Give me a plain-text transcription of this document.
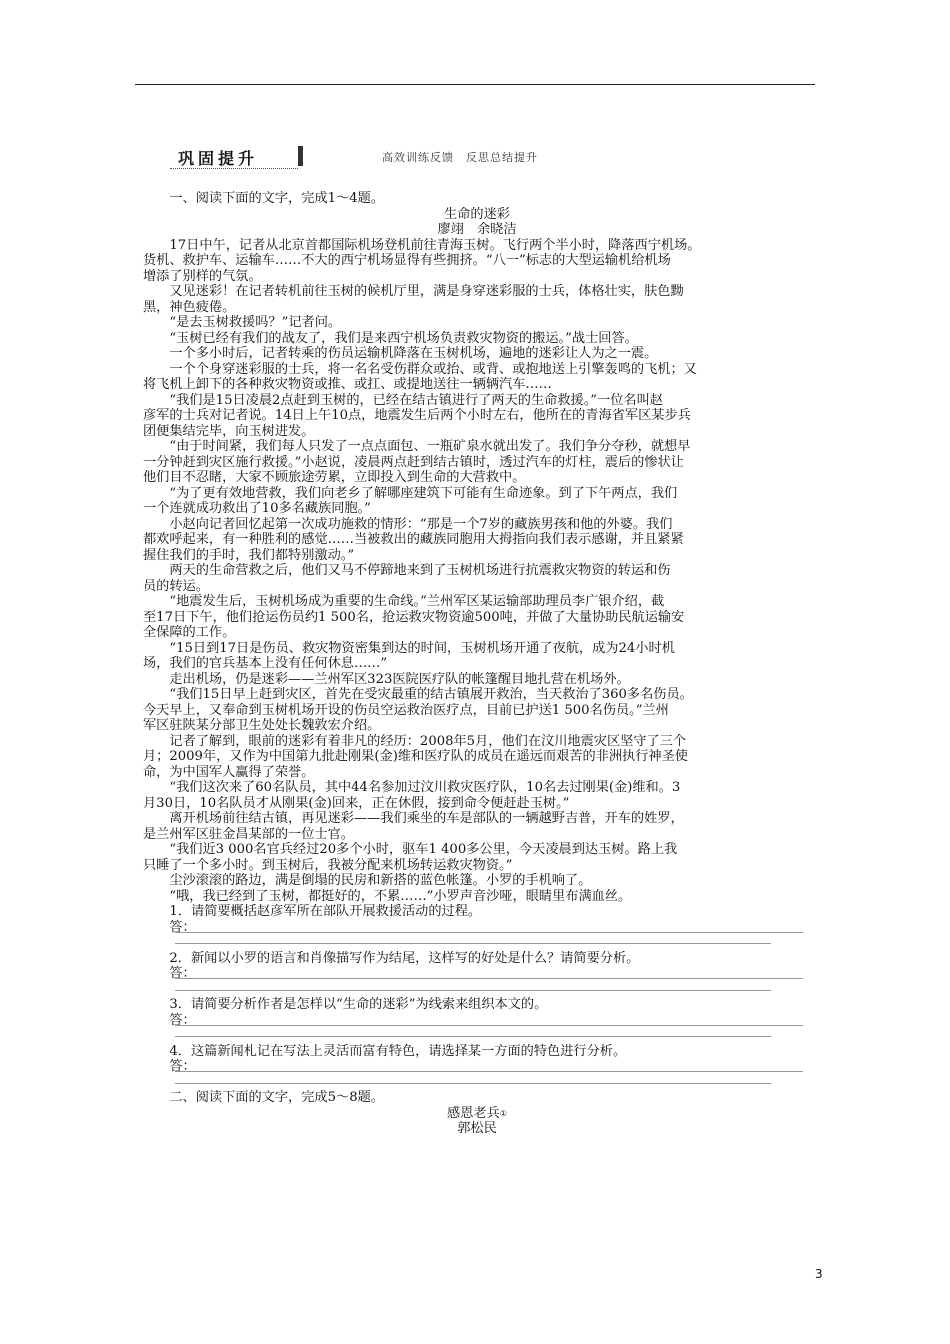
巩固提升	高效训练反馈　反思总结提升
　　一、阅读下面的文字，完成1～4题。
生命的迷彩
廖翊　余晓洁
　　17日中午，记者从北京首都国际机场登机前往青海玉树。飞行两个半小时，降落西宁机场。
货机、救护车、运输车……不大的西宁机场显得有些拥挤。“八一”标志的大型运输机给机场
增添了别样的气氛。
　　又见迷彩！在记者转机前往玉树的候机厅里，满是身穿迷彩服的士兵，体格壮实，肤色黝
黑，神色疲倦。
　　“是去玉树救援吗？”记者问。
　　“玉树已经有我们的战友了，我们是来西宁机场负责救灾物资的搬运。”战士回答。
　　一个多小时后，记者转乘的伤员运输机降落在玉树机场，遍地的迷彩让人为之一震。
　　一个个身穿迷彩服的士兵，将一名名受伤群众或抬、或背、或抱地送上引擎轰鸣的飞机；又
将飞机上卸下的各种救灾物资或推、或扛、或提地送往一辆辆汽车……
　　“我们是15日凌晨2点赶到玉树的，已经在结古镇进行了两天的生命救援。”一位名叫赵
彦军的士兵对记者说。14日上午10点，地震发生后两个小时左右，他所在的青海省军区某步兵
团便集结完毕，向玉树进发。
　　“由于时间紧，我们每人只发了一点点面包、一瓶矿泉水就出发了。我们争分夺秒，就想早
一分钟赶到灾区施行救援。”小赵说，凌晨两点赶到结古镇时，透过汽车的灯柱，震后的惨状让
他们目不忍睹，大家不顾旅途劳累，立即投入到生命的大营救中。
　　“为了更有效地营救，我们向老乡了解哪座建筑下可能有生命迹象。到了下午两点，我们
一个连就成功救出了10多名藏族同胞。”
　　小赵向记者回忆起第一次成功施救的情形：“那是一个7岁的藏族男孩和他的外婆。我们
都欢呼起来，有一种胜利的感觉……当被救出的藏族同胞用大拇指向我们表示感谢，并且紧紧
握住我们的手时，我们都特别激动。”
　　两天的生命营救之后，他们又马不停蹄地来到了玉树机场进行抗震救灾物资的转运和伤
员的转运。
　　“地震发生后，玉树机场成为重要的生命线。”兰州军区某运输部助理员李广银介绍，截
至17日下午，他们抢运伤员约1 500名，抢运救灾物资逾500吨，并做了大量协助民航运输安
全保障的工作。
　　“15日到17日是伤员、救灾物资密集到达的时间，玉树机场开通了夜航，成为24小时机
场，我们的官兵基本上没有任何休息……”
　　走出机场，仍是迷彩——兰州军区323医院医疗队的帐篷醒目地扎营在机场外。
　　“我们15日早上赶到灾区，首先在受灾最重的结古镇展开救治，当天救治了360多名伤员。
今天早上，又奉命到玉树机场开设的伤员空运救治医疗点，目前已护送1 500名伤员。”兰州
军区驻陕某分部卫生处处长魏敦宏介绍。
　　记者了解到，眼前的迷彩有着非凡的经历：2008年5月，他们在汶川地震灾区坚守了三个
月；2009年，又作为中国第九批赴刚果(金)维和医疗队的成员在遥远而艰苦的非洲执行神圣使
命，为中国军人赢得了荣誉。
　　“我们这次来了60名队员，其中44名参加过汶川救灾医疗队，10名去过刚果(金)维和。3
月30日，10名队员才从刚果(金)回来，正在休假，接到命令便赶赴玉树。”
　　离开机场前往结古镇，再见迷彩——我们乘坐的车是部队的一辆越野吉普，开车的姓罗，
是兰州军区驻金昌某部的一位士官。
　　“我们近3 000名官兵经过20多个小时，驱车1 400多公里，今天凌晨到达玉树。路上我
只睡了一个多小时。到玉树后，我被分配来机场转运救灾物资。”
　　尘沙滚滚的路边，满是倒塌的民房和新搭的蓝色帐篷。小罗的手机响了。
　　“哦，我已经到了玉树，都挺好的，不累……”小罗声音沙哑，眼睛里布满血丝。
　　1．请简要概括赵彦军所在部队开展救援活动的过程。
　　答：
　　2．新闻以小罗的语言和肖像描写作为结尾，这样写的好处是什么？请简要分析。
　　答：
　　3．请简要分析作者是怎样以“生命的迷彩”为线索来组织本文的。
　　答：
　　4．这篇新闻札记在写法上灵活而富有特色，请选择某一方面的特色进行分析。
　　答：
　　二、阅读下面的文字，完成5～8题。
感恩老兵①
郭松民
3
